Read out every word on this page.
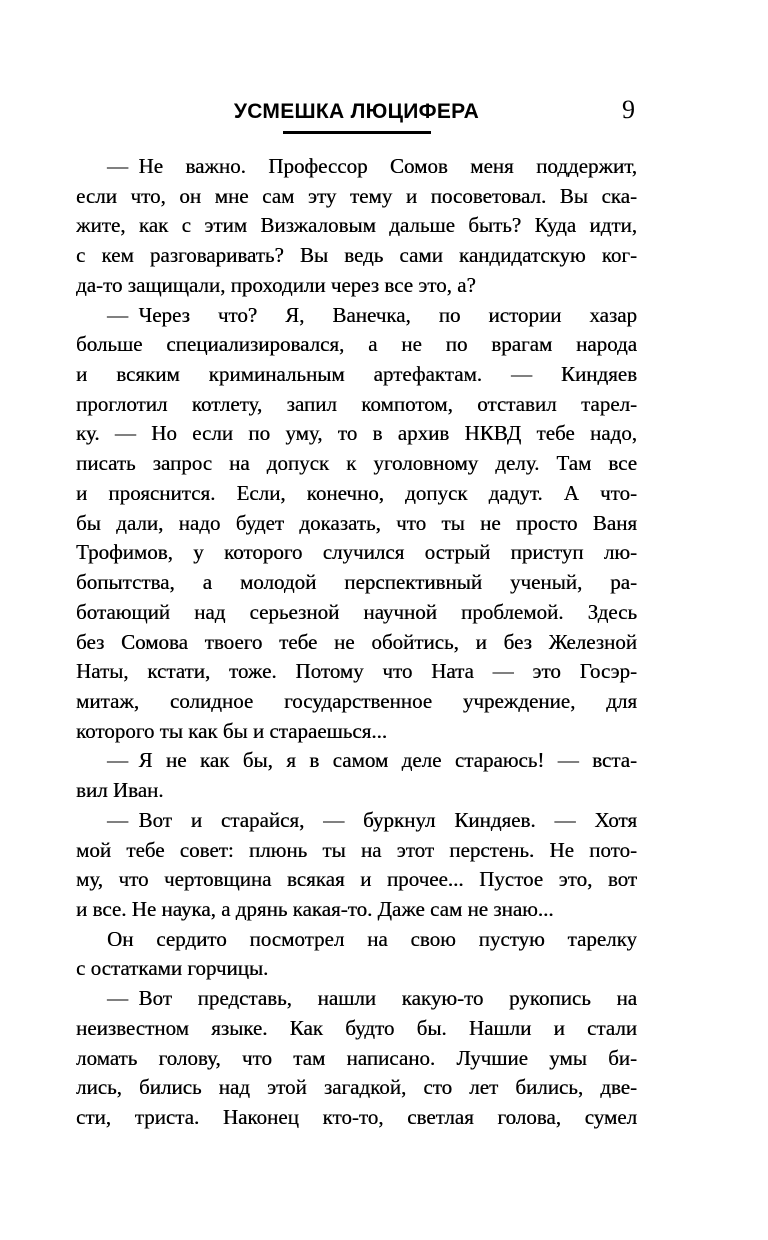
УСМЕШКА ЛЮЦИФЕРА	9
— Не важно. Профессор Сомов меня поддержит,
если что, он мне сам эту тему и посоветовал. Вы ска-
жите, как с этим Визжаловым дальше быть? Куда идти,
с кем разговаривать? Вы ведь сами кандидатскую ког-
да-то защищали, проходили через все это, а?
— Через что? Я, Ванечка, по истории хазар
больше специализировался, а не по врагам народа
и всяким криминальным артефактам. — Киндяев
проглотил котлету, запил компотом, отставил тарел-
ку. — Но если по уму, то в архив НКВД тебе надо,
писать запрос на допуск к уголовному делу. Там все
и прояснится. Если, конечно, допуск дадут. А что-
бы дали, надо будет доказать, что ты не просто Ваня
Трофимов, у которого случился острый приступ лю-
бопытства, а молодой перспективный ученый, ра-
ботающий над серьезной научной проблемой. Здесь
без Сомова твоего тебе не обойтись, и без Железной
Наты, кстати, тоже. Потому что Ната — это Госэр-
митаж, солидное государственное учреждение, для
которого ты как бы и стараешься...
— Я не как бы, я в самом деле стараюсь! — вста-
вил Иван.
— Вот и старайся, — буркнул Киндяев. — Хотя
мой тебе совет: плюнь ты на этот перстень. Не пото-
му, что чертовщина всякая и прочее... Пустое это, вот
и все. Не наука, а дрянь какая-то. Даже сам не знаю...
Он сердито посмотрел на свою пустую тарелку
с остатками горчицы.
— Вот представь, нашли какую-то рукопись на
неизвестном языке. Как будто бы. Нашли и стали
ломать голову, что там написано. Лучшие умы би-
лись, бились над этой загадкой, сто лет бились, две-
сти, триста. Наконец кто-то, светлая голова, сумел
